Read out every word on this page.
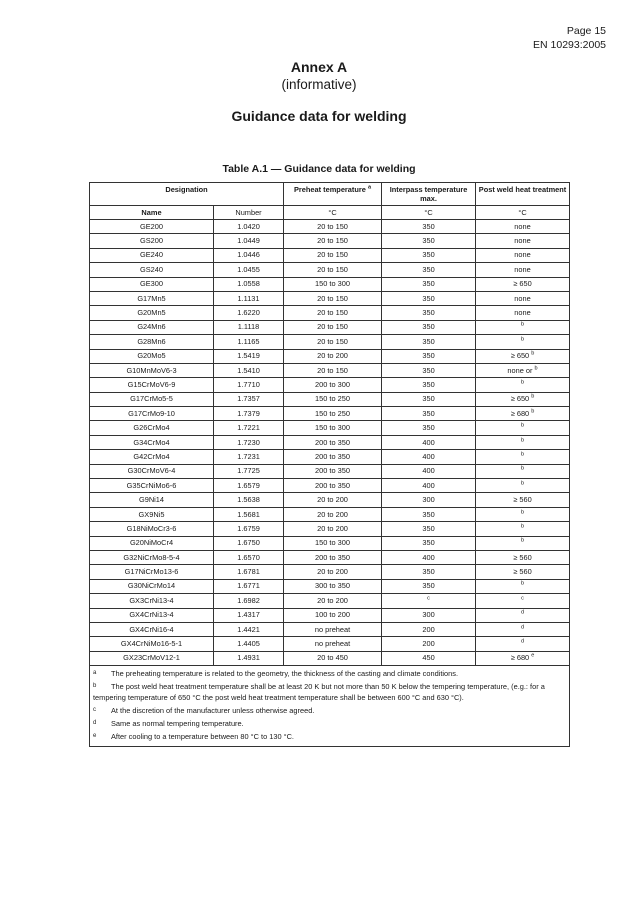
Page 15
EN 10293:2005
Annex A
(informative)
Guidance data for welding
Table A.1 — Guidance data for welding
Designation		Preheat temperature $^a$	Interpass temperature max.	Post weld heat treatment
Name	Number	°C	°C	°C
GE200	1.0420	20 to 150	350	none
GS200	1.0449	20 to 150	350	none
GE240	1.0446	20 to 150	350	none
GS240	1.0455	20 to 150	350	none
GE300	1.0558	150 to 300	350	≥ 650
G17Mn5	1.1131	20 to 150	350	none
G20Mn5	1.6220	20 to 150	350	none
G24Mn6	1.1118	20 to 150	350	$^b$
G28Mn6	1.1165	20 to 150	350	$^b$
G20Mo5	1.5419	20 to 200	350	≥ 650 $^b$
G10MnMoV6-3	1.5410	20 to 150	350	none or $^b$
G15CrMoV6-9	1.7710	200 to 300	350	$^b$
G17CrMo5-5	1.7357	150 to 250	350	≥ 650 $^b$
G17CrMo9-10	1.7379	150 to 250	350	≥ 680 $^b$
G26CrMo4	1.7221	150 to 300	350	$^b$
G34CrMo4	1.7230	200 to 350	400	$^b$
G42CrMo4	1.7231	200 to 350	400	$^b$
G30CrMoV6-4	1.7725	200 to 350	400	$^b$
G35CrNiMo6-6	1.6579	200 to 350	400	$^b$
G9Ni14	1.5638	20 to 200	300	≥ 560
GX9Ni5	1.5681	20 to 200	350	$^b$
G18NiMoCr3-6	1.6759	20 to 200	350	$^b$
G20NiMoCr4	1.6750	150 to 300	350	$^b$
G32NiCrMo8-5-4	1.6570	200 to 350	400	≥ 560
G17NiCrMo13-6	1.6781	20 to 200	350	≥ 560
G30NiCrMo14	1.6771	300 to 350	350	$^b$
GX3CrNi13-4	1.6982	20 to 200	$^c$	$^c$
GX4CrNi13-4	1.4317	100 to 200	300	$^d$
GX4CrNi16-4	1.4421	no preheat	200	$^d$
GX4CrNiMo16-5-1	1.4405	no preheat	200	$^d$
GX23CrMoV12-1	1.4931	20 to 450	450	≥ 680 $^e$

a The preheating temperature is related to the geometry, the thickness of the casting and climate conditions.
b The post weld heat treatment temperature shall be at least 20 K but not more than 50 K below the tempering temperature, (e.g.: for a tempering temperature of 650 °C the post weld heat treatment temperature shall be between 600 °C and 630 °C).
c At the discretion of the manufacturer unless otherwise agreed.
d Same as normal tempering temperature.
e After cooling to a temperature between 80 °C to 130 °C.				
